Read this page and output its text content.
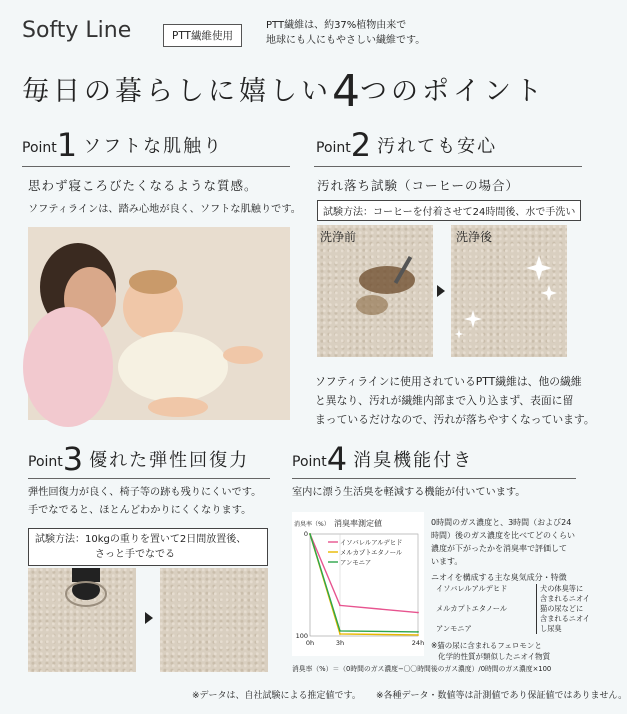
Softy Line	PTT繊維使用
PTT繊維は、約37%植物由来で
地球にも人にもやさしい繊維です。
毎日の暮らしに嬉しい4つのポイント
Point1 ソフトな肌触り
思わず寝ころびたくなるような質感。
ソフティラインは、踏み心地が良く、ソフトな肌触りです。
Point2 汚れても安心
汚れ落ち試験（コーヒーの場合）
試験方法：コーヒーを付着させて24時間後、水で手洗い
洗浄前	洗浄後
ソフティラインに使用されているPTT繊維は、他の繊維
と異なり、汚れが繊維内部まで入り込まず、表面に留
まっているだけなので、汚れが落ちやすくなっています。
Point3 優れた弾性回復力
弾性回復力が良く、椅子等の跡も残りにくいです。
手でなでると、ほとんどわかりにくくなります。
試験方法：10kgの重りを置いて2日間放置後、
さっと手でなでる
Point4 消臭機能付き
室内に漂う生活臭を軽減する機能が付いています。
消臭率測定値
消臭率（%）
0h	3h	24h
0
100
イソバレルアルデヒド
メルカプトエタノール
アンモニア
0時間のガス濃度と、3時間（および24
時間）後のガス濃度を比べてどのくらい
濃度が下がったかを消臭率で評価して
います。
ニオイを構成する主な臭気成分・特徴
イソバレルアルデヒド	犬の体臭等に
含まれるニオイ
メルカプトエタノール	猫の尿などに
含まれるニオイ
アンモニア	し尿臭
※猫の尿に含まれるフェロモンと
化学的性質が類似したニオイ物質
消臭率（%）＝（0時間のガス濃度−〇〇時間後のガス濃度）/0時間のガス濃度×100
※データは、自社試験による推定値です。 ※各種データ・数値等は計測値であり保証値ではありません。
